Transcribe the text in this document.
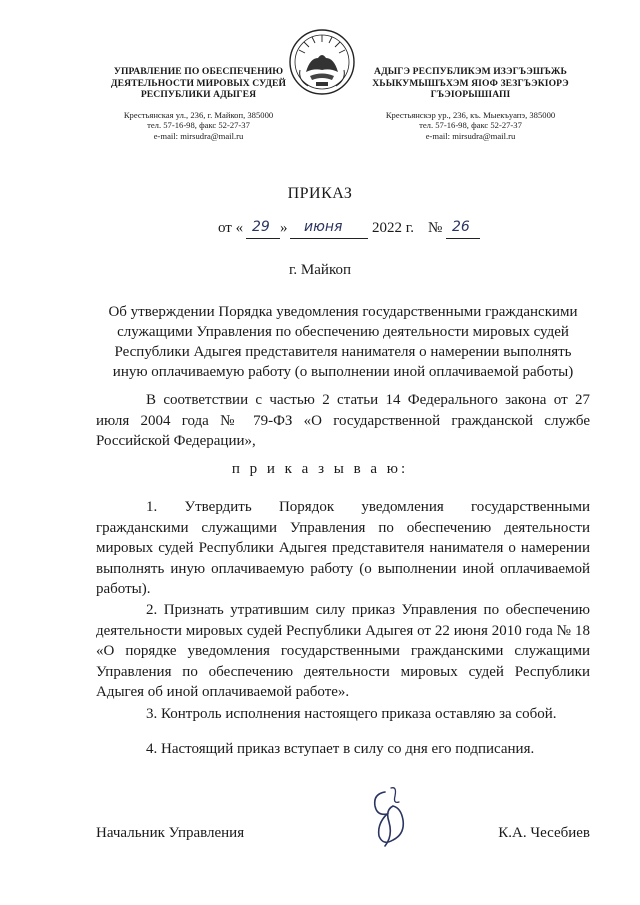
УПРАВЛЕНИЕ ПО ОБЕСПЕЧЕНИЮ
ДЕЯТЕЛЬНОСТИ МИРОВЫХ СУДЕЙ
РЕСПУБЛИКИ АДЫГЕЯ
Крестьянская ул., 236, г. Майкоп, 385000
тел. 57-16-98, факс 52-27-37
e-mail: mirsudra@mail.ru
АДЫГЭ РЕСПУБЛИКЭМ ИЗЭГЪЭШЪЖЬ
ХЬЫКУМЫШЪХЭМ ЯIОФ ЗЕЗГЪЭКIОРЭ
ГЪЭIОРЫШIАПI
Крестьянскэр ур., 236, къ. Мыекъуапэ, 385000
тел. 57-16-98, факс 52-27-37
e-mail: mirsudra@mail.ru
ПРИКАЗ
от « 29 » июня 2022 г. № 26
г. Майкоп
Об утверждении Порядка уведомления государственными гражданскими служащими Управления по обеспечению деятельности мировых судей Республики Адыгея представителя нанимателя о намерении выполнять иную оплачиваемую работу (о выполнении иной оплачиваемой работы)
В соответствии с частью 2 статьи 14 Федерального закона от 27 июля 2004 года № 79-ФЗ «О государственной гражданской службе Российской Федерации»,
п р и к а з ы в а ю:
1. Утвердить Порядок уведомления государственными гражданскими служащими Управления по обеспечению деятельности мировых судей Республики Адыгея представителя нанимателя о намерении выполнять иную оплачиваемую работу (о выполнении иной оплачиваемой работы).
2. Признать утратившим силу приказ Управления по обеспечению деятельности мировых судей Республики Адыгея от 22 июня 2010 года № 18 «О порядке уведомления государственными гражданскими служащими Управления по обеспечению деятельности мировых судей Республики Адыгея об иной оплачиваемой работе».
3. Контроль исполнения настоящего приказа оставляю за собой.
4. Настоящий приказ вступает в силу со дня его подписания.
Начальник Управления	К.А. Чесебиев
